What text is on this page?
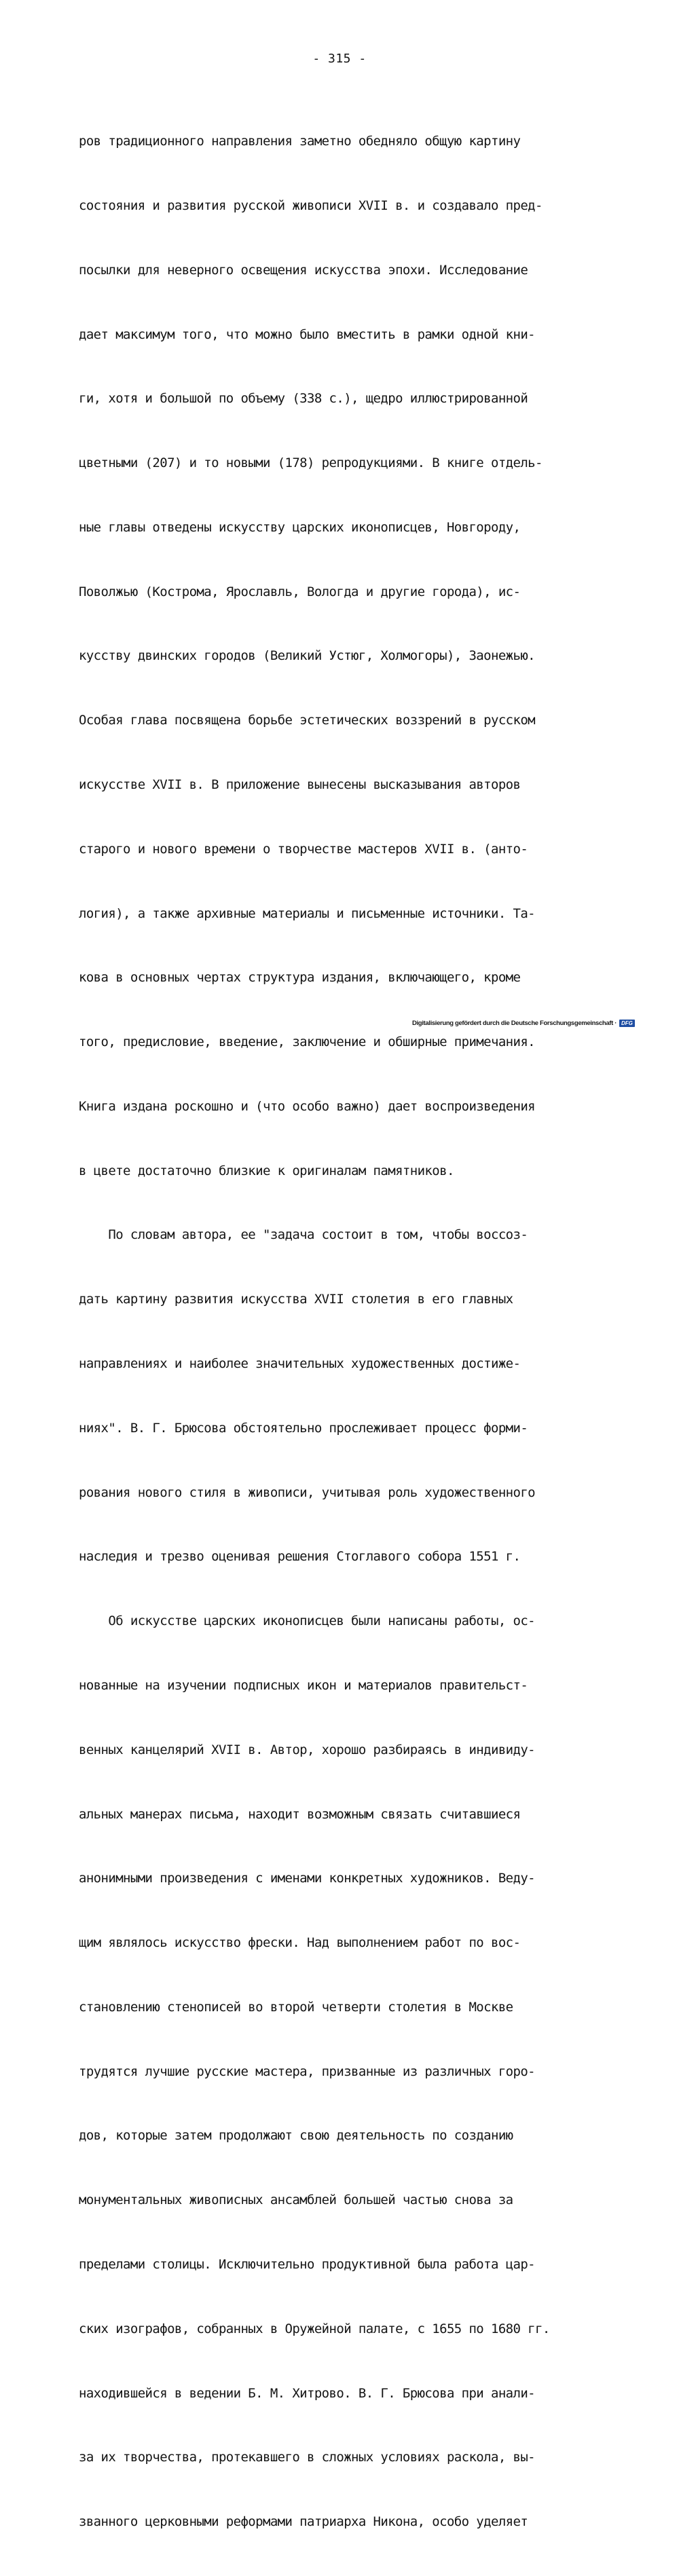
- 315 -

ров традиционного направления заметно обедняло общую картину

состояния и развития русской живописи XVII в. и создавало пред-

посылки для неверного освещения искусства эпохи. Исследование

дает максимум того, что можно было вместить в рамки одной кни-

ги, хотя и большой по объему (338 с.), щедро иллюстрированной

цветными (207) и то новыми (178) репродукциями. В книге отдель-

ные главы отведены искусству царских иконописцев, Новгороду,

Поволжью (Кострома, Ярославль, Вологда и другие города), ис-

кусству двинских городов (Великий Устюг, Холмогоры), Заонежью.

Особая глава посвящена борьбе эстетических воззрений в русском

искусстве XVII в. В приложение вынесены высказывания авторов

старого и нового времени о творчестве мастеров XVII в. (анто-

логия), а также архивные материалы и письменные источники. Та-

кова в основных чертах структура издания, включающего, кроме

того, предисловие, введение, заключение и обширные примечания.

Книга издана роскошно и (что особо важно) дает воспроизведения

в цвете достаточно близкие к оригиналам памятников.

По словам автора, ее "задача состоит в том, чтобы воссоз-

дать картину развития искусства XVII столетия в его главных

направлениях и наиболее значительных художественных достиже-

ниях". В. Г. Брюсова обстоятельно прослеживает процесс форми-

рования нового стиля в живописи, учитывая роль художественного

наследия и трезво оценивая решения Стоглавого собора 1551 г.

Об искусстве царских иконописцев были написаны работы, ос-

нованные на изучении подписных икон и материалов правительст-

венных канцелярий XVII в. Автор, хорошо разбираясь в индивиду-

альных манерах письма, находит возможным связать считавшиеся

анонимными произведения с именами конкретных художников. Веду-

щим являлось искусство фрески. Над выполнением работ по вос-

становлению стенописей во второй четверти столетия в Москве

трудятся лучшие русские мастера, призванные из различных горо-

дов, которые затем продолжают свою деятельность по созданию

монументальных живописных ансамблей большей частью снова за

пределами столицы. Исключительно продуктивной была работа цар-

ских изографов, собранных в Оружейной палате, с 1655 по 1680 гг.

находившейся в ведении Б. М. Хитрово. В. Г. Брюсова при анали-

за их творчества, протекавшего в сложных условиях раскола, вы-

званного церковными реформами патриарха Никона, особо уделяет

Digitalisierung gefördert durch die Deutsche Forschungsgemeinschaft · DFG
